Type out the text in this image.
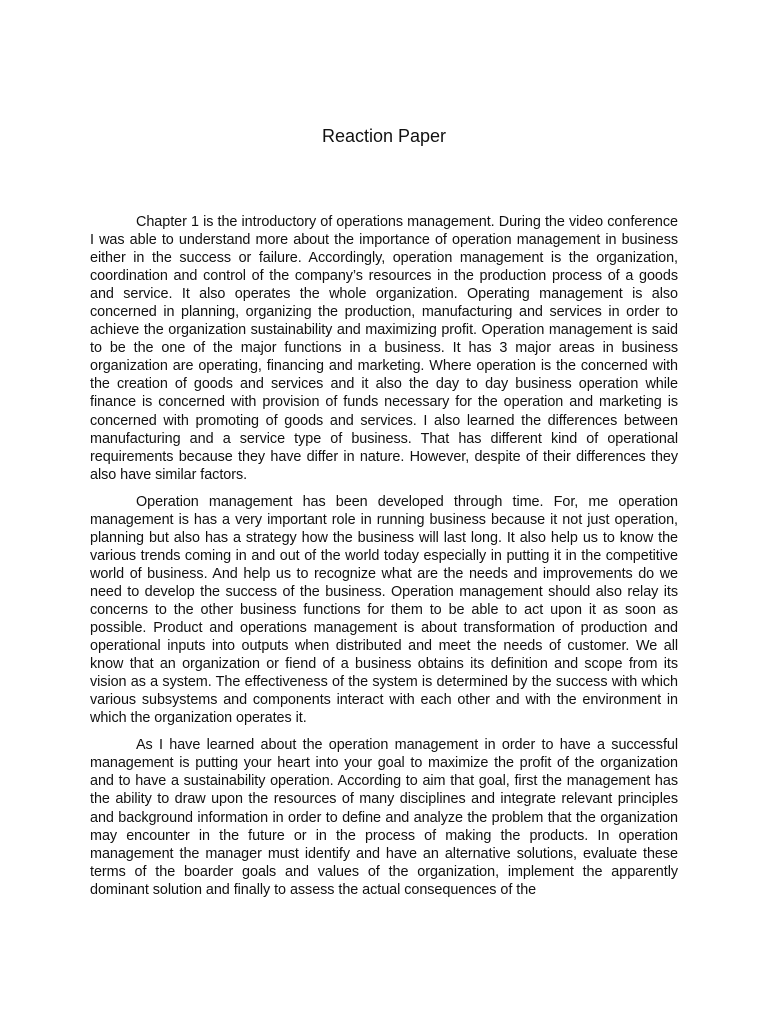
Reaction Paper

Chapter 1 is the introductory of operations management. During the video conference I was able to understand more about the importance of operation management in business either in the success or failure. Accordingly, operation management is the organization, coordination and control of the company’s resources in the production process of a goods and service. It also operates the whole organization. Operating management is also concerned in planning, organizing the production, manufacturing and services in order to achieve the organization sustainability and maximizing profit. Operation management is said to be the one of the major functions in a business. It has 3 major areas in business organization are operating, financing and marketing. Where operation is the concerned with the creation of goods and services and it also the day to day business operation while finance is concerned with provision of funds necessary for the operation and marketing is concerned with promoting of goods and services. I also learned the differences between manufacturing and a service type of business. That has different kind of operational requirements because they have differ in nature. However, despite of their differences they also have similar factors.

Operation management has been developed through time. For, me operation management is has a very important role in running business because it not just operation, planning but also has a strategy how the business will last long. It also help us to know the various trends coming in and out of the world today especially in putting it in the competitive world of business. And help us to recognize what are the needs and improvements do we need to develop the success of the business. Operation management should also relay its concerns to the other business functions for them to be able to act upon it as soon as possible. Product and operations management is about transformation of production and operational inputs into outputs when distributed and meet the needs of customer. We all know that an organization or fiend of a business obtains its definition and scope from its vision as a system. The effectiveness of the system is determined by the success with which various subsystems and components interact with each other and with the environment in which the organization operates it.

As I have learned about the operation management in order to have a successful management is putting your heart into your goal to maximize the profit of the organization and to have a sustainability operation. According to aim that goal, first the management has the ability to draw upon the resources of many disciplines and integrate relevant principles and background information in order to define and analyze the problem that the organization may encounter in the future or in the process of making the products. In operation management the manager must identify and have an alternative solutions, evaluate these terms of the boarder goals and values of the organization, implement the apparently dominant solution and finally to assess the actual consequences of the
